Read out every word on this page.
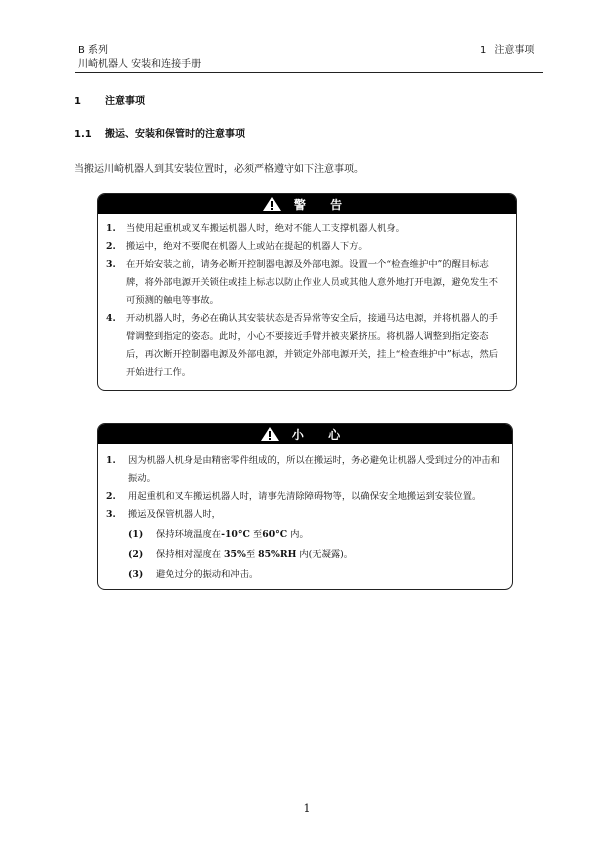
B 系列
川崎机器人 安装和连接手册
1 注意事项
1 注意事项
1.1 搬运、安装和保管时的注意事项
当搬运川崎机器人到其安装位置时，必须严格遵守如下注意事项。
警 告
1.	当使用起重机或叉车搬运机器人时，绝对不能人工支撑机器人机身。
2.	搬运中，绝对不要爬在机器人上或站在提起的机器人下方。
3.	在开始安装之前，请务必断开控制器电源及外部电源。设置一个“检查维护中”的醒目标志牌，将外部电源开关锁住或挂上标志以防止作业人员或其他人意外地打开电源，避免发生不可预测的触电等事故。
4.	开动机器人时，务必在确认其安装状态是否异常等安全后，接通马达电源，并将机器人的手臂调整到指定的姿态。此时，小心不要接近手臂并被夹紧挤压。将机器人调整到指定姿态后，再次断开控制器电源及外部电源，并锁定外部电源开关，挂上“检查维护中”标志，然后开始进行工作。
小 心
1.	因为机器人机身是由精密零件组成的，所以在搬运时，务必避免让机器人受到过分的冲击和振动。
2.	用起重机和叉车搬运机器人时，请事先清除障碍物等，以确保安全地搬运到安装位置。
3.	搬运及保管机器人时，
(1)	保持环境温度在-10°C 至60°C 内。
(2)	保持相对湿度在 35%至 85%RH 内(无凝露)。
(3)	避免过分的振动和冲击。
1
